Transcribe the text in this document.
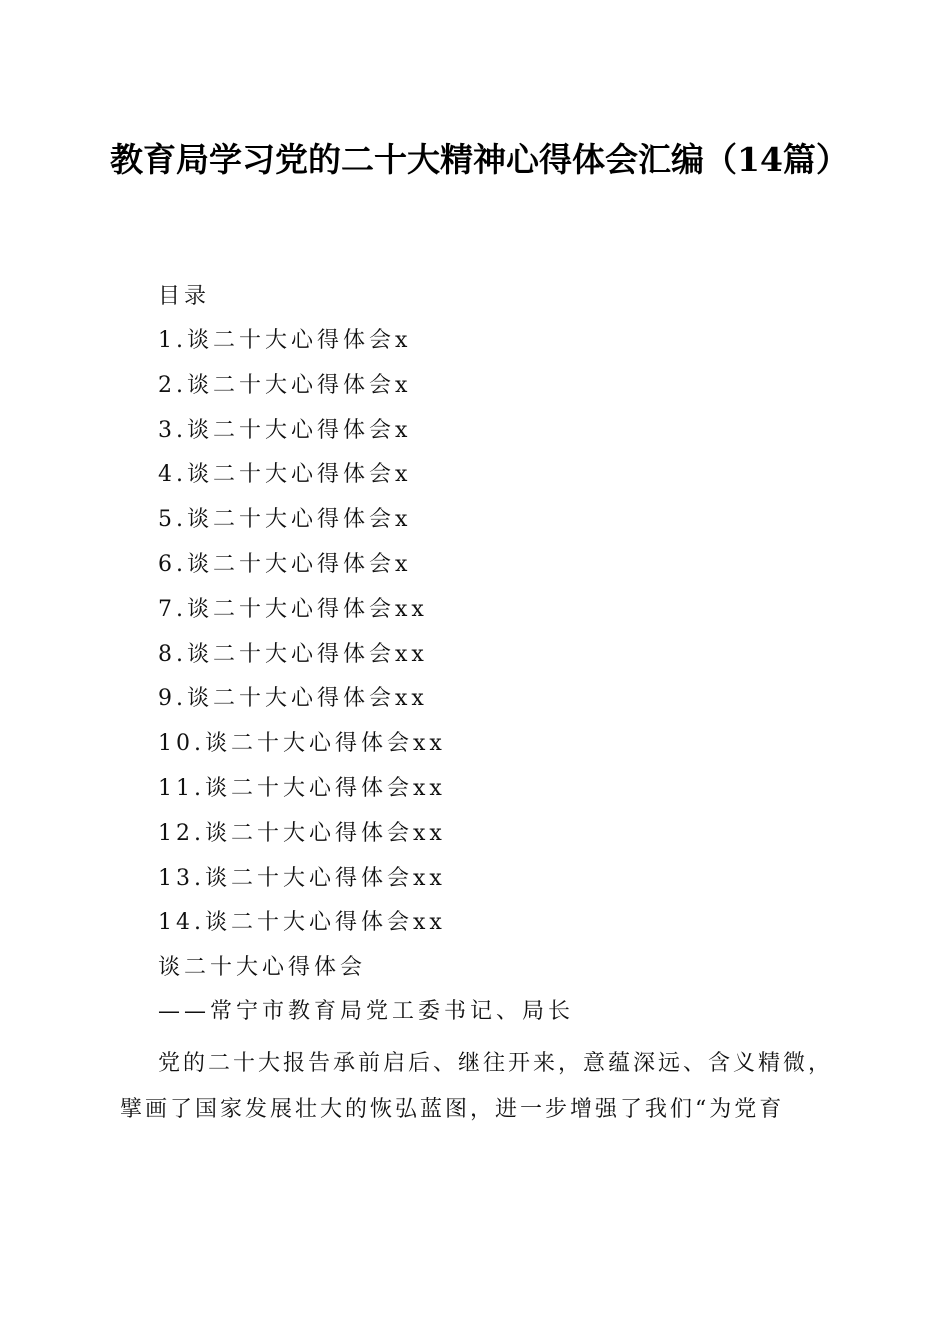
教育局学习党的二十大精神心得体会汇编（14篇）
目录
1.谈二十大心得体会x
2.谈二十大心得体会x
3.谈二十大心得体会x
4.谈二十大心得体会x
5.谈二十大心得体会x
6.谈二十大心得体会x
7.谈二十大心得体会xx
8.谈二十大心得体会xx
9.谈二十大心得体会xx
10.谈二十大心得体会xx
11.谈二十大心得体会xx
12.谈二十大心得体会xx
13.谈二十大心得体会xx
14.谈二十大心得体会xx
谈二十大心得体会
——常宁市教育局党工委书记、局长

党的二十大报告承前启后、继往开来，意蕴深远、含义精微，擘画了国家发展壮大的恢弘蓝图，进一步增强了我们“为党育
